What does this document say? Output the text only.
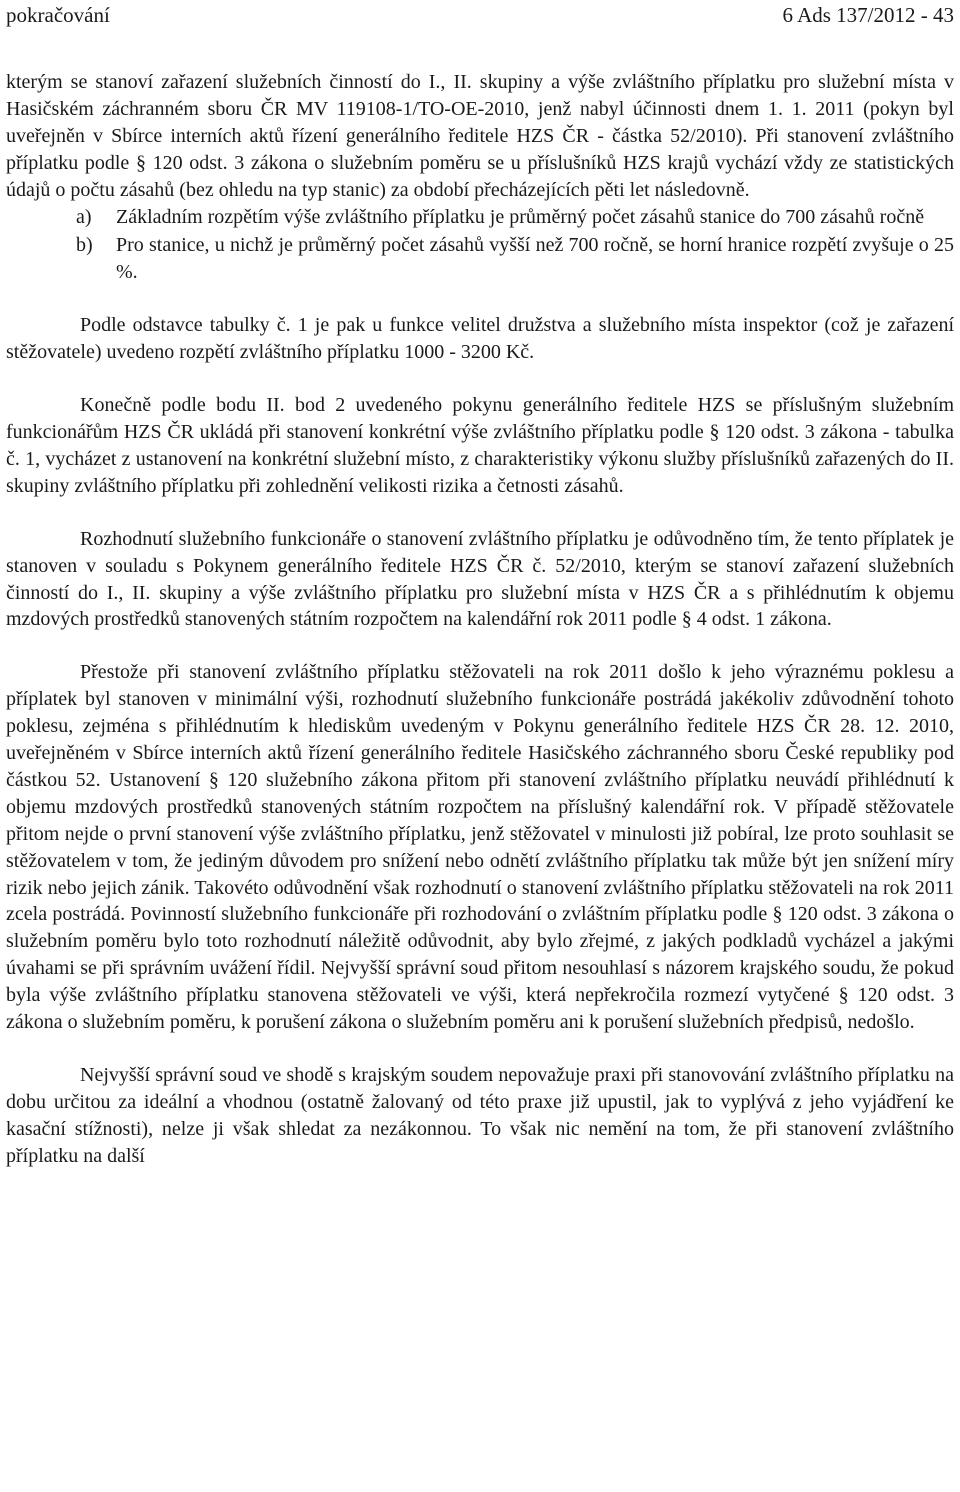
pokračování	6 Ads 137/2012 - 43

kterým se stanoví zařazení služebních činností do I., II. skupiny a výše zvláštního příplatku pro služební místa v Hasičském záchranném sboru ČR MV 119108-1/TO-OE-2010, jenž nabyl účinnosti dnem 1. 1. 2011 (pokyn byl uveřejněn v Sbírce interních aktů řízení generálního ředitele HZS ČR - částka 52/2010). Při stanovení zvláštního příplatku podle § 120 odst. 3 zákona o služebním poměru se u příslušníků HZS krajů vychází vždy ze statistických údajů o počtu zásahů (bez ohledu na typ stanic) za období přecházejících pěti let následovně.

a)	Základním rozpětím výše zvláštního příplatku je průměrný počet zásahů stanice do 700 zásahů ročně
b)	Pro stanice, u nichž je průměrný počet zásahů vyšší než 700 ročně, se horní hranice rozpětí zvyšuje o 25 %.

Podle odstavce tabulky č. 1 je pak u funkce velitel družstva a služebního místa inspektor (což je zařazení stěžovatele) uvedeno rozpětí zvláštního příplatku 1000 - 3200 Kč.

Konečně podle bodu II. bod 2 uvedeného pokynu generálního ředitele HZS se příslušným služebním funkcionářům HZS ČR ukládá při stanovení konkrétní výše zvláštního příplatku podle § 120 odst. 3 zákona - tabulka č. 1, vycházet z ustanovení na konkrétní služební místo, z charakteristiky výkonu služby příslušníků zařazených do II. skupiny zvláštního příplatku při zohlednění velikosti rizika a četnosti zásahů.

Rozhodnutí služebního funkcionáře o stanovení zvláštního příplatku je odůvodněno tím, že tento příplatek je stanoven v souladu s Pokynem generálního ředitele HZS ČR č. 52/2010, kterým se stanoví zařazení služebních činností do I., II. skupiny a výše zvláštního příplatku pro služební místa v HZS ČR a s přihlédnutím k objemu mzdových prostředků stanovených státním rozpočtem na kalendářní rok 2011 podle § 4 odst. 1 zákona.

Přestože při stanovení zvláštního příplatku stěžovateli na rok 2011 došlo k jeho výraznému poklesu a příplatek byl stanoven v minimální výši, rozhodnutí služebního funkcionáře postrádá jakékoliv zdůvodnění tohoto poklesu, zejména s přihlédnutím k hlediskům uvedeným v Pokynu generálního ředitele HZS ČR 28. 12. 2010, uveřejněném v Sbírce interních aktů řízení generálního ředitele Hasičského záchranného sboru České republiky pod částkou 52. Ustanovení § 120 služebního zákona přitom při stanovení zvláštního příplatku neuvádí přihlédnutí k objemu mzdových prostředků stanovených státním rozpočtem na příslušný kalendářní rok. V případě stěžovatele přitom nejde o první stanovení výše zvláštního příplatku, jenž stěžovatel v minulosti již pobíral, lze proto souhlasit se stěžovatelem v tom, že jediným důvodem pro snížení nebo odnětí zvláštního příplatku tak může být jen snížení míry rizik nebo jejich zánik. Takovéto odůvodnění však rozhodnutí o stanovení zvláštního příplatku stěžovateli na rok 2011 zcela postrádá. Povinností služebního funkcionáře při rozhodování o zvláštním příplatku podle § 120 odst. 3 zákona o služebním poměru bylo toto rozhodnutí náležitě odůvodnit, aby bylo zřejmé, z jakých podkladů vycházel a jakými úvahami se při správním uvážení řídil. Nejvyšší správní soud přitom nesouhlasí s názorem krajského soudu, že pokud byla výše zvláštního příplatku stanovena stěžovateli ve výši, která nepřekročila rozmezí vytyčené § 120 odst. 3 zákona o služebním poměru, k porušení zákona o služebním poměru ani k porušení služebních předpisů, nedošlo.

Nejvyšší správní soud ve shodě s krajským soudem nepovažuje praxi při stanovování zvláštního příplatku na dobu určitou za ideální a vhodnou (ostatně žalovaný od této praxe již upustil, jak to vyplývá z jeho vyjádření ke kasační stížnosti), nelze ji však shledat za nezákonnou. To však nic nemění na tom, že při stanovení zvláštního příplatku na další
